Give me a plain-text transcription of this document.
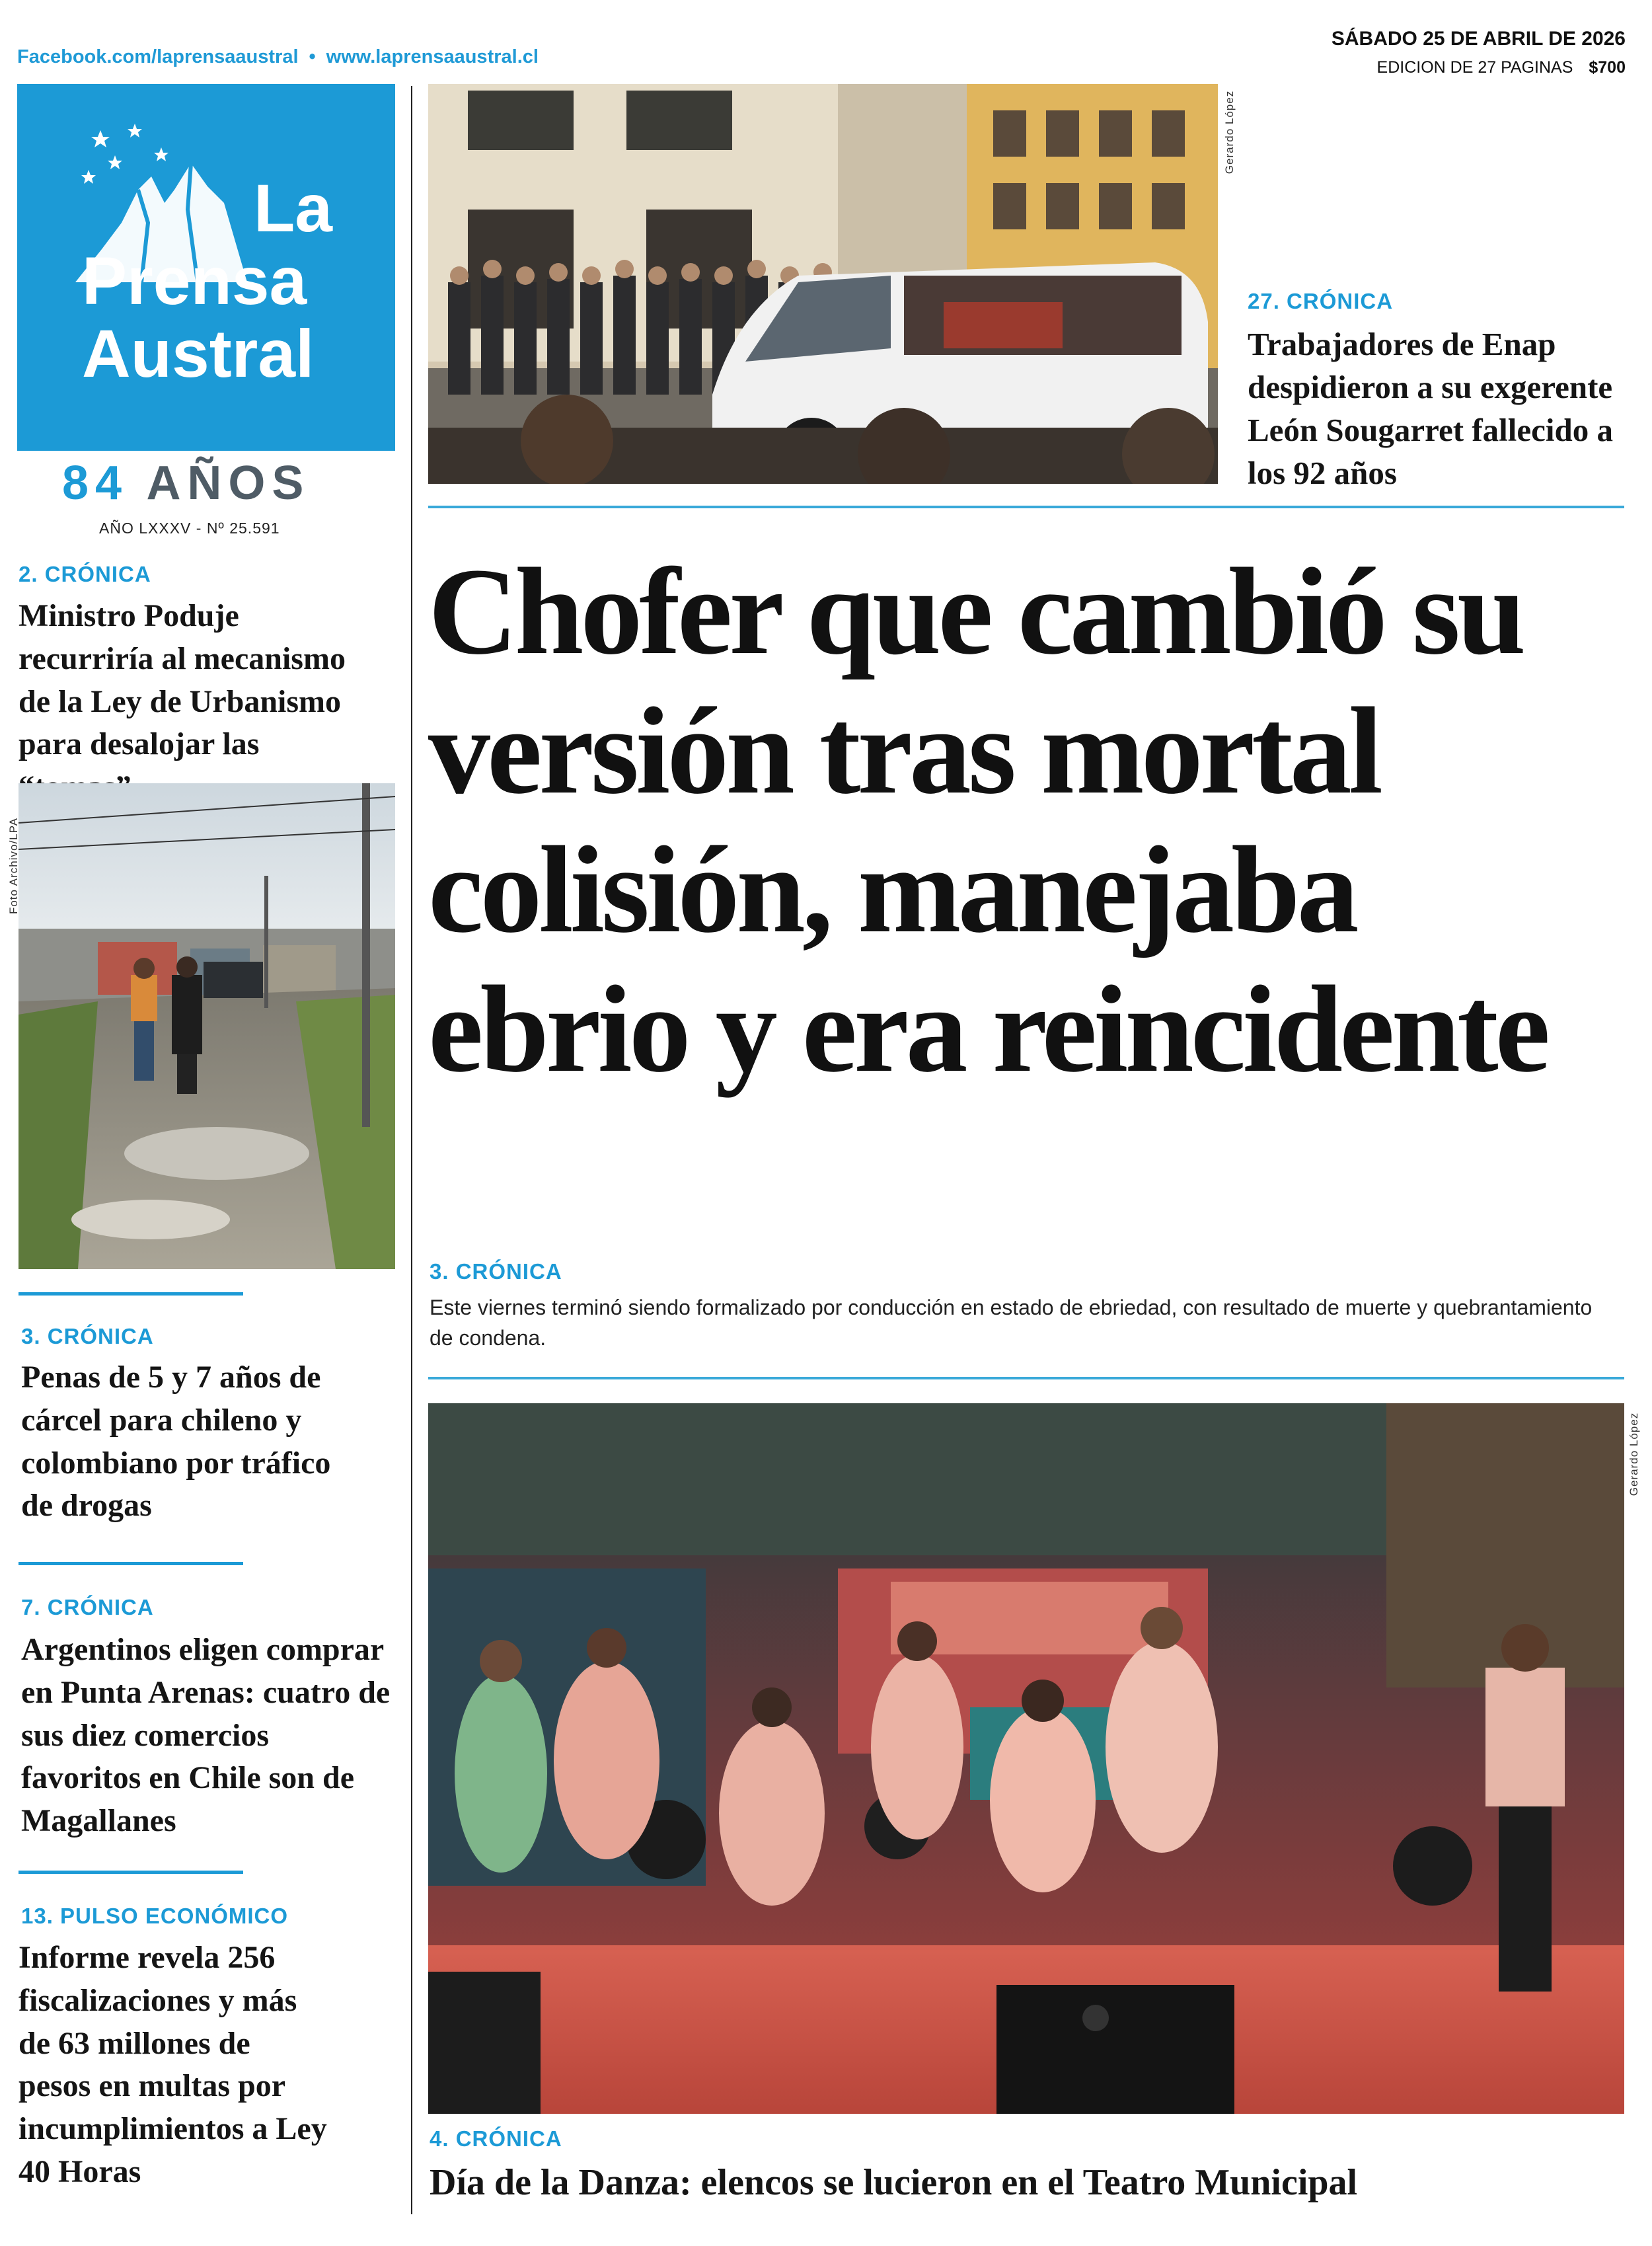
Facebook.com/laprensaaustral • www.laprensaaustral.cl
SÁBADO 25 DE ABRIL DE 2026
EDICION DE 27 PAGINAS $700
La
Prensa
Austral
84 AÑOS
AÑO LXXXV - Nº 25.591
2. CRÓNICA
Ministro Poduje recurriría al mecanismo de la Ley de Urbanismo para desalojar las
Foto Archivo/LPA
3. CRÓNICA
Penas de 5 y 7 años de cárcel para chileno y colombiano por tráfico de drogas
7. CRÓNICA
Argentinos eligen comprar en Punta Arenas: cuatro de sus diez comercios favoritos en Chile son de Magallanes
13. PULSO ECONÓMICO
Informe revela 256 fiscalizaciones y más de 63 millones de pesos en multas por incumplimientos a Ley 40 Horas
Gerardo López
27. CRÓNICA
Trabajadores de Enap despidieron a su exgerente León Sougarret fallecido a los 92 años
Chofer que cambió su versión tras mortal colisión, manejaba ebrio y era reincidente
3. CRÓNICA
Este viernes terminó siendo formalizado por conducción en estado de ebriedad, con resultado de muerte y quebrantamiento de condena.
Gerardo López
4. CRÓNICA
Día de la Danza: elencos se lucieron en el Teatro Municipal
